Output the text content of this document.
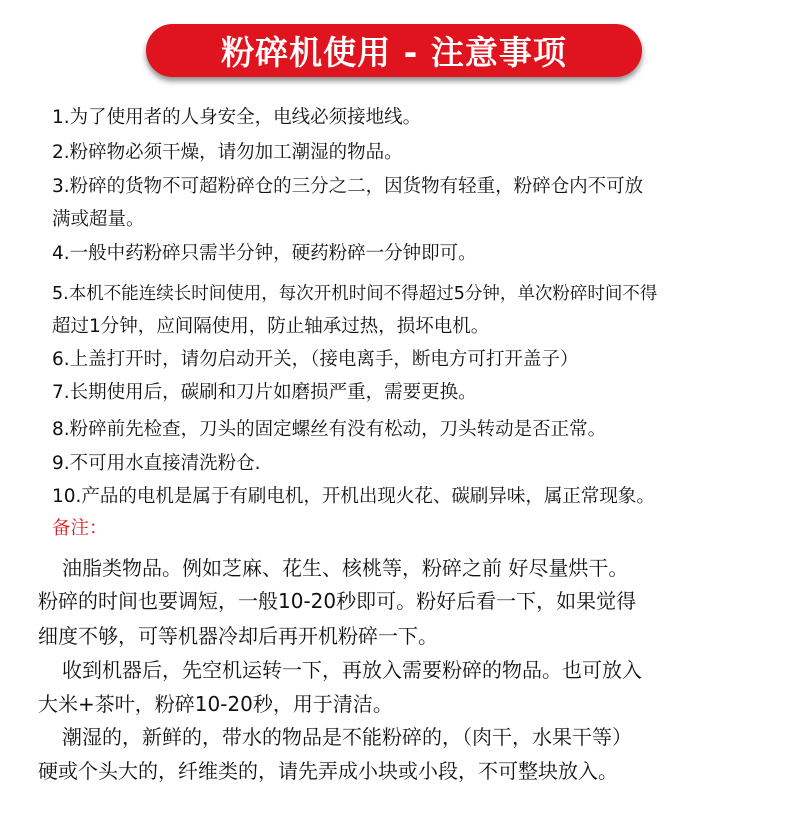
粉碎机使用 - 注意事项
1.为了使用者的人身安全，电线必须接地线。
2.粉碎物必须干燥，请勿加工潮湿的物品。
3.粉碎的货物不可超粉碎仓的三分之二，因货物有轻重，粉碎仓内不可放
满或超量。
4.一般中药粉碎只需半分钟，硬药粉碎一分钟即可。
5.本机不能连续长时间使用，每次开机时间不得超过5分钟，单次粉碎时间不得
超过1分钟，应间隔使用，防止轴承过热，损坏电机。
6.上盖打开时，请勿启动开关，（接电离手，断电方可打开盖子）
7.长期使用后，碳刷和刀片如磨损严重，需要更换。
8.粉碎前先检查，刀头的固定螺丝有没有松动，刀头转动是否正常。
9.不可用水直接清洗粉仓.
10.产品的电机是属于有刷电机，开机出现火花、碳刷异味，属正常现象。
备注：
油脂类物品。例如芝麻、花生、核桃等，粉碎之前 好尽量烘干。
粉碎的时间也要调短，一般10-20秒即可。粉好后看一下，如果觉得
细度不够，可等机器冷却后再开机粉碎一下。
收到机器后，先空机运转一下，再放入需要粉碎的物品。也可放入
大米+茶叶，粉碎10-20秒，用于清洁。
潮湿的，新鲜的，带水的物品是不能粉碎的，（肉干，水果干等）
硬或个头大的，纤维类的，请先弄成小块或小段，不可整块放入。
